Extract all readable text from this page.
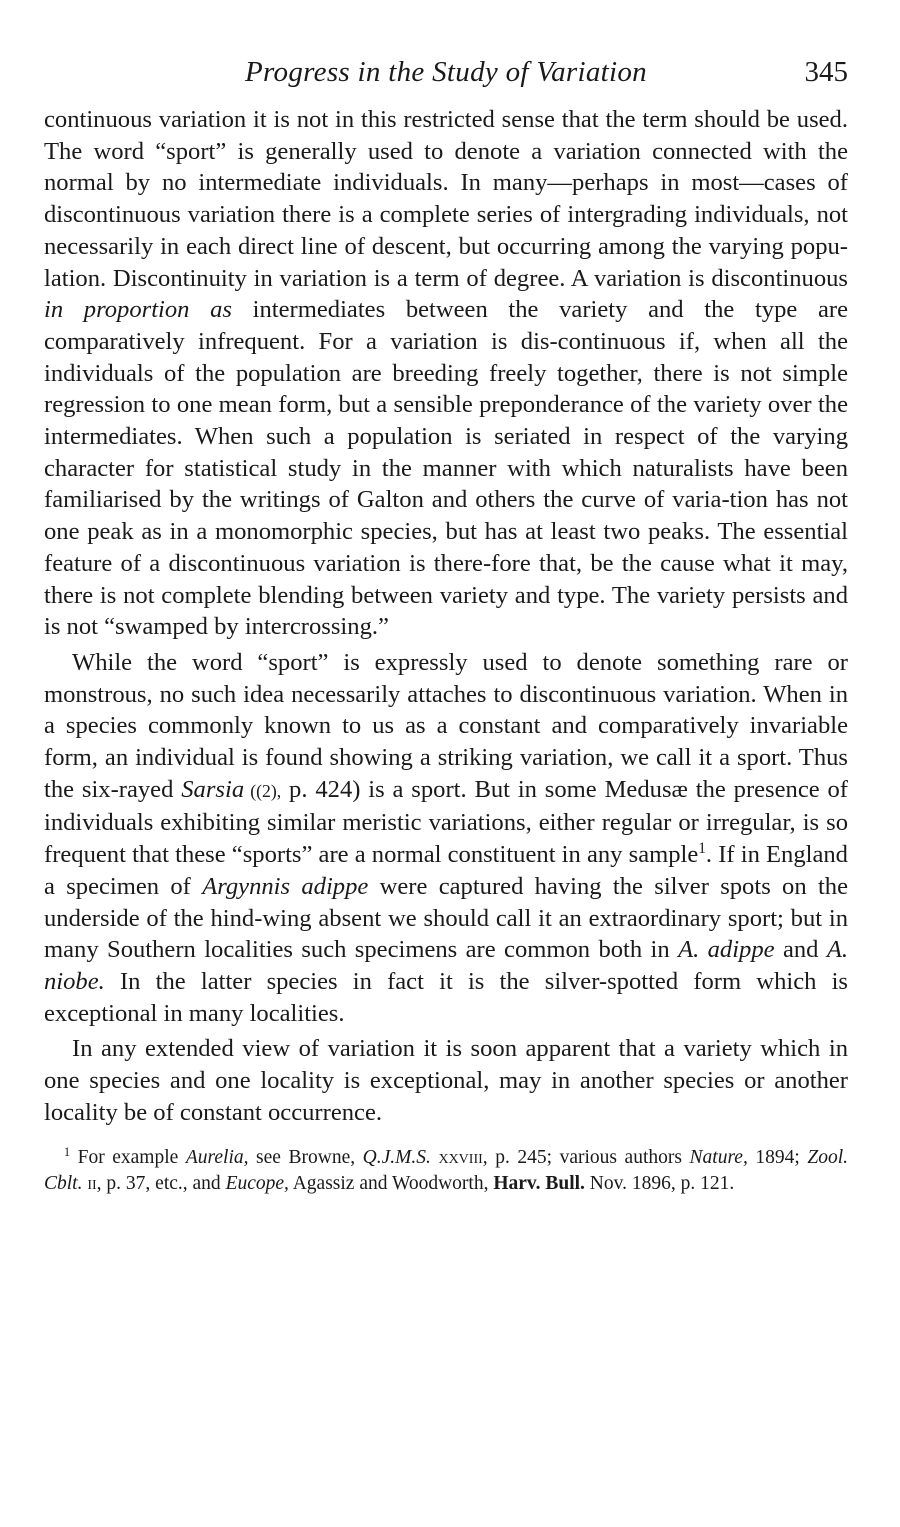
Progress in the Study of Variation	345

continuous variation it is not in this restricted sense that the term should be used. The word “sport” is generally used to denote a variation connected with the normal by no intermediate individuals. In many—perhaps in most—cases of discontinuous variation there is a complete series of intergrading individuals, not necessarily in each direct line of descent, but occurring among the varying popu-lation. Discontinuity in variation is a term of degree. A variation is discontinuous in proportion as intermediates between the variety and the type are comparatively infrequent. For a variation is dis-continuous if, when all the individuals of the population are breeding freely together, there is not simple regression to one mean form, but a sensible preponderance of the variety over the intermediates. When such a population is seriated in respect of the varying character for statistical study in the manner with which naturalists have been familiarised by the writings of Galton and others the curve of varia-tion has not one peak as in a monomorphic species, but has at least two peaks. The essential feature of a discontinuous variation is there-fore that, be the cause what it may, there is not complete blending between variety and type. The variety persists and is not “swamped by intercrossing.”

While the word “sport” is expressly used to denote something rare or monstrous, no such idea necessarily attaches to discontinuous variation. When in a species commonly known to us as a constant and comparatively invariable form, an individual is found showing a striking variation, we call it a sport. Thus the six-rayed Sarsia ((2), p. 424) is a sport. But in some Medusæ the presence of individuals exhibiting similar meristic variations, either regular or irregular, is so frequent that these “sports” are a normal constituent in any sample$^1$. If in England a specimen of Argynnis adippe were captured having the silver spots on the underside of the hind-wing absent we should call it an extraordinary sport; but in many Southern localities such specimens are common both in A. adippe and A. niobe. In the latter species in fact it is the silver-spotted form which is exceptional in many localities.

In any extended view of variation it is soon apparent that a variety which in one species and one locality is exceptional, may in another species or another locality be of constant occurrence.

$^1$ For example Aurelia, see Browne, Q.J.M.S. xxviii, p. 245; various authors Nature, 1894; Zool. Cblt. ii, p. 37, etc., and Eucope, Agassiz and Woodworth, Harv. Bull. Nov. 1896, p. 121.
